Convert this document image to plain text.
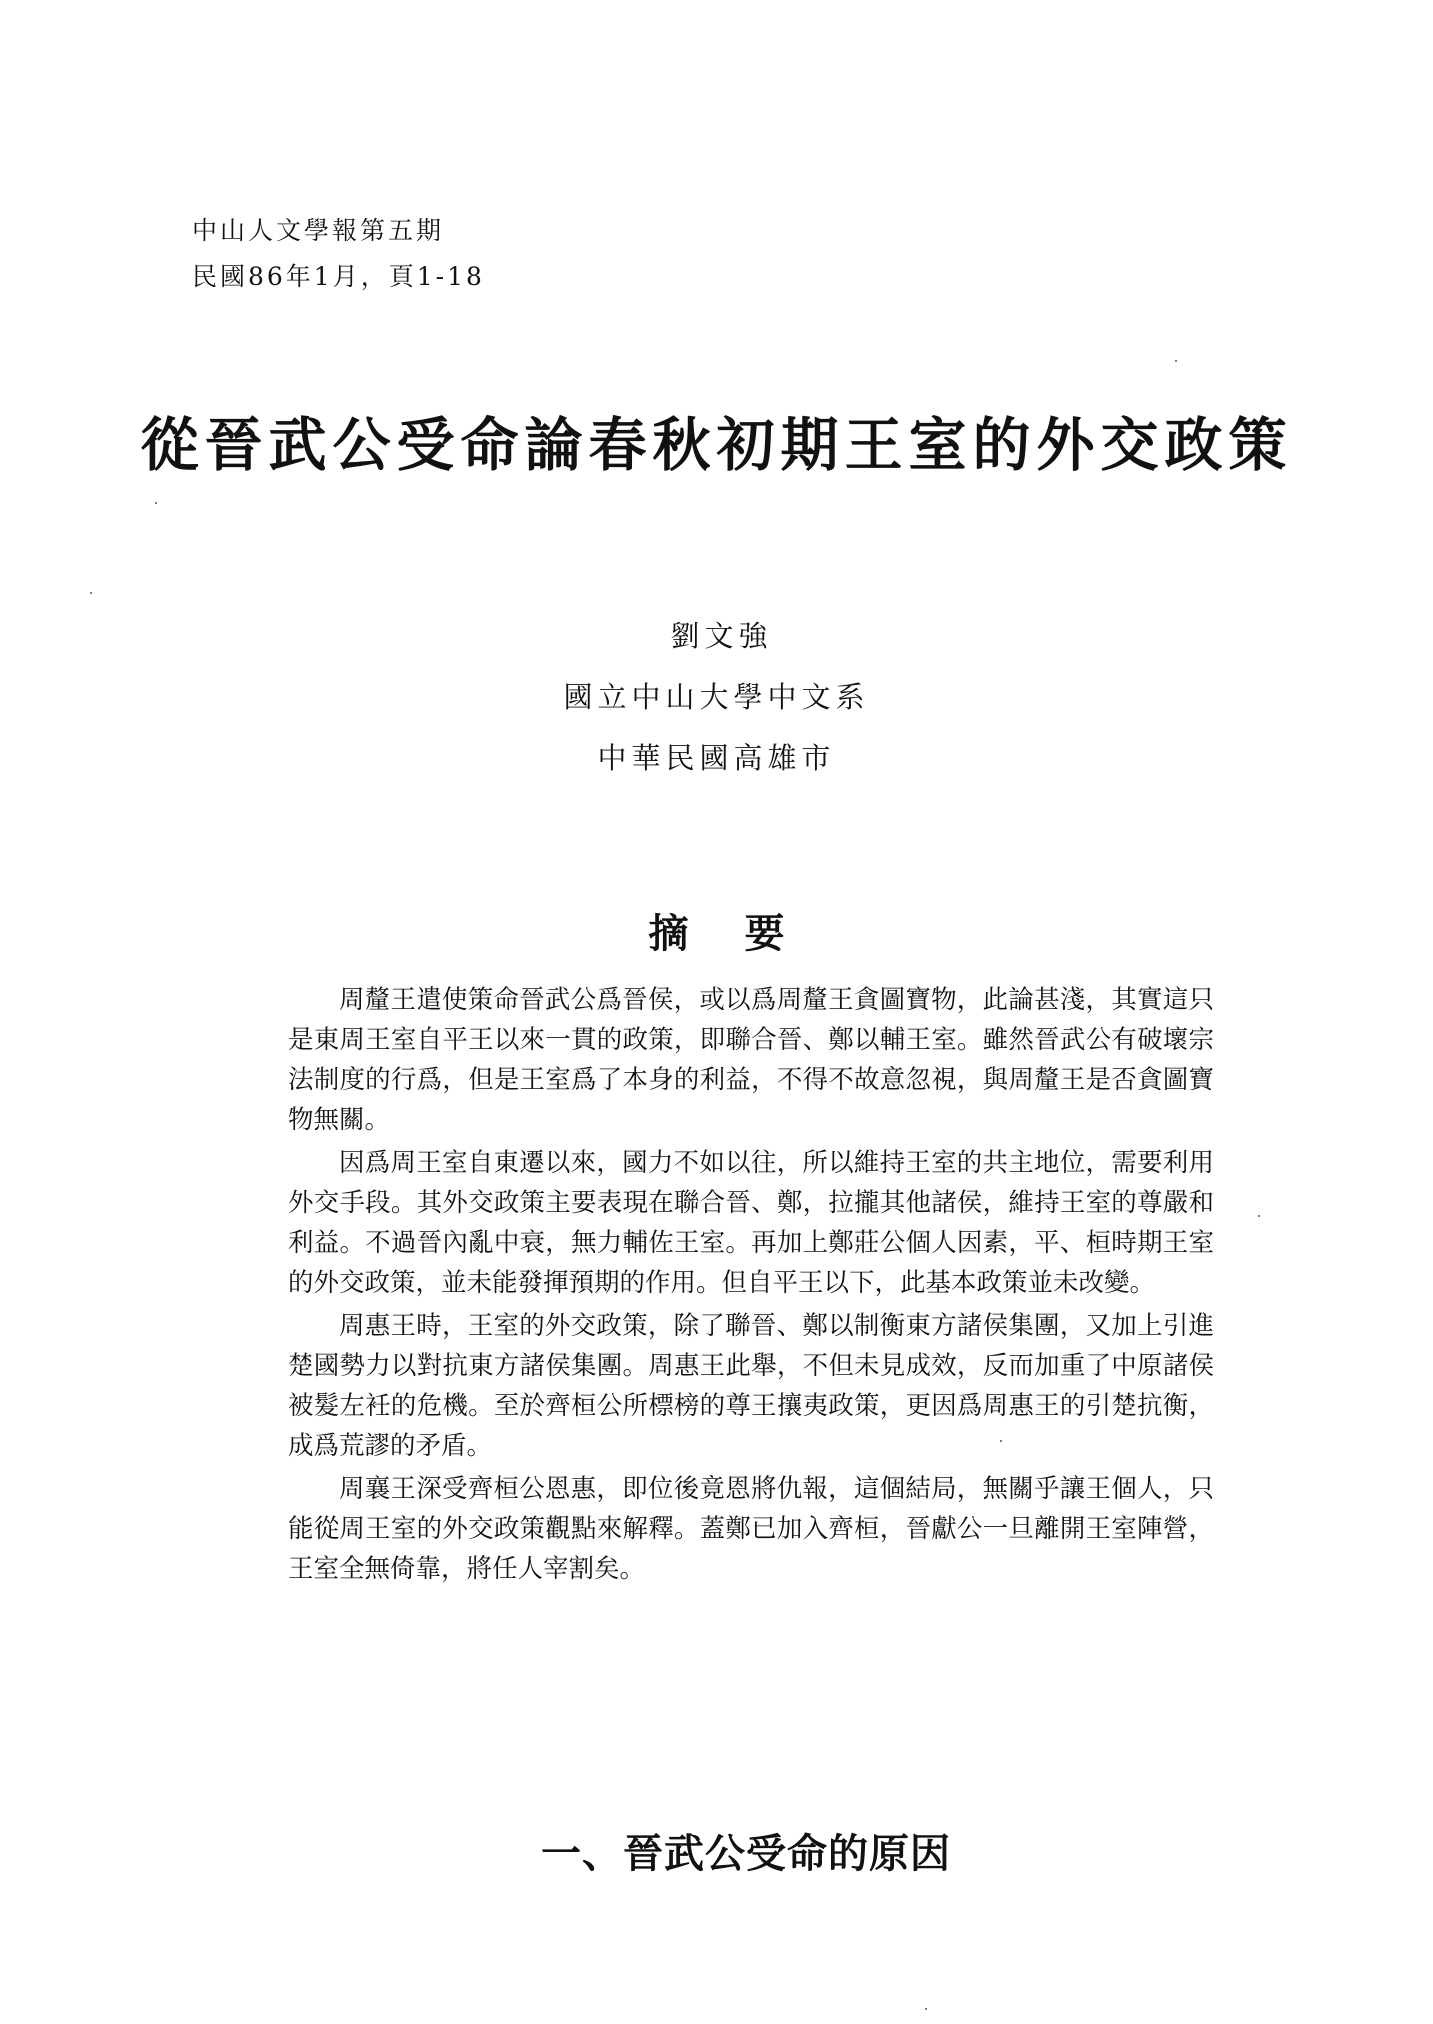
中山人文學報第五期
民國86年1月，頁1-18
從晉武公受命論春秋初期王室的外交政策
劉文強
國立中山大學中文系
中華民國高雄市
摘要

周釐王遣使策命晉武公爲晉侯，或以爲周釐王貪圖寶物，此論甚淺，其實這只是東周王室自平王以來一貫的政策，即聯合晉、鄭以輔王室。雖然晉武公有破壞宗法制度的行爲，但是王室爲了本身的利益，不得不故意忽視，與周釐王是否貪圖寶物無關。

因爲周王室自東遷以來，國力不如以往，所以維持王室的共主地位，需要利用外交手段。其外交政策主要表現在聯合晉、鄭，拉攏其他諸侯，維持王室的尊嚴和利益。不過晉內亂中衰，無力輔佐王室。再加上鄭莊公個人因素，平、桓時期王室的外交政策，並未能發揮預期的作用。但自平王以下，此基本政策並未改變。

周惠王時，王室的外交政策，除了聯晉、鄭以制衡東方諸侯集團，又加上引進楚國勢力以對抗東方諸侯集團。周惠王此舉，不但未見成效，反而加重了中原諸侯被髮左衽的危機。至於齊桓公所標榜的尊王攘夷政策，更因爲周惠王的引楚抗衡，成爲荒謬的矛盾。

周襄王深受齊桓公恩惠，即位後竟恩將仇報，這個結局，無關乎讓王個人，只能從周王室的外交政策觀點來解釋。蓋鄭已加入齊桓，晉獻公一旦離開王室陣營，王室全無倚靠，將任人宰割矣。

一、晉武公受命的原因
